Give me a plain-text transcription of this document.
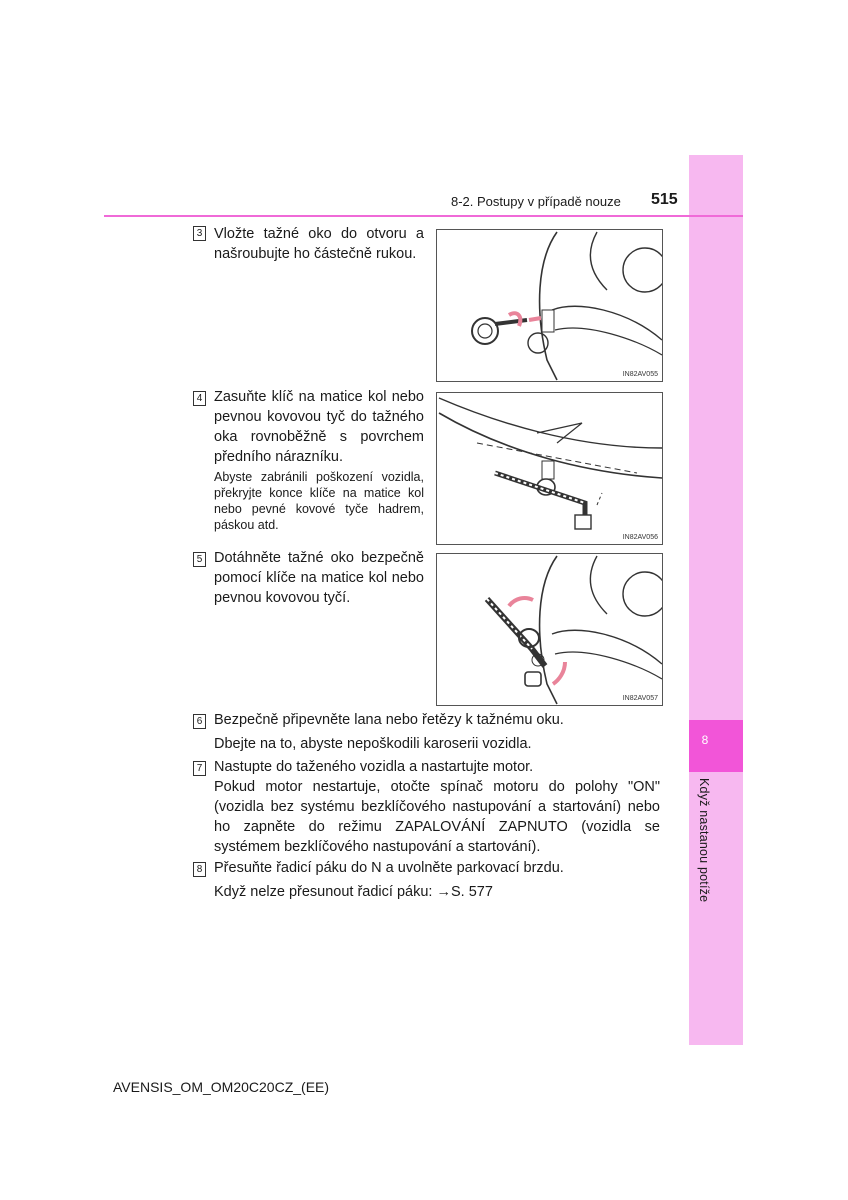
8
Když nastanou potíže
8-2. Postupy v případě nouze 515
3 Vložte tažné oko do otvoru a našroubujte ho částečně rukou.
IN82AV055
4 Zasuňte klíč na matice kol nebo pevnou kovovou tyč do tažného oka rovnoběžně s povrchem předního nárazníku.
Abyste zabránili poškození vozidla, překryjte konce klíče na matice kol nebo pevné kovové tyče hadrem, páskou atd.
IN82AV056
5 Dotáhněte tažné oko bezpečně pomocí klíče na matice kol nebo pevnou kovovou tyčí.
IN82AV057
6 Bezpečně připevněte lana nebo řetězy k tažnému oku.
Dbejte na to, abyste nepoškodili karoserii vozidla.
7 Nastupte do taženého vozidla a nastartujte motor.
Pokud motor nestartuje, otočte spínač motoru do polohy "ON" (vozidla bez systému bezklíčového nastupování a startování) nebo ho zapněte do režimu ZAPALOVÁNÍ ZAPNUTO (vozidla se systémem bezklíčového nastupování a startování).
8 Přesuňte řadicí páku do N a uvolněte parkovací brzdu.
Když nelze přesunout řadicí páku: →S. 577
AVENSIS_OM_OM20C20CZ_(EE)
